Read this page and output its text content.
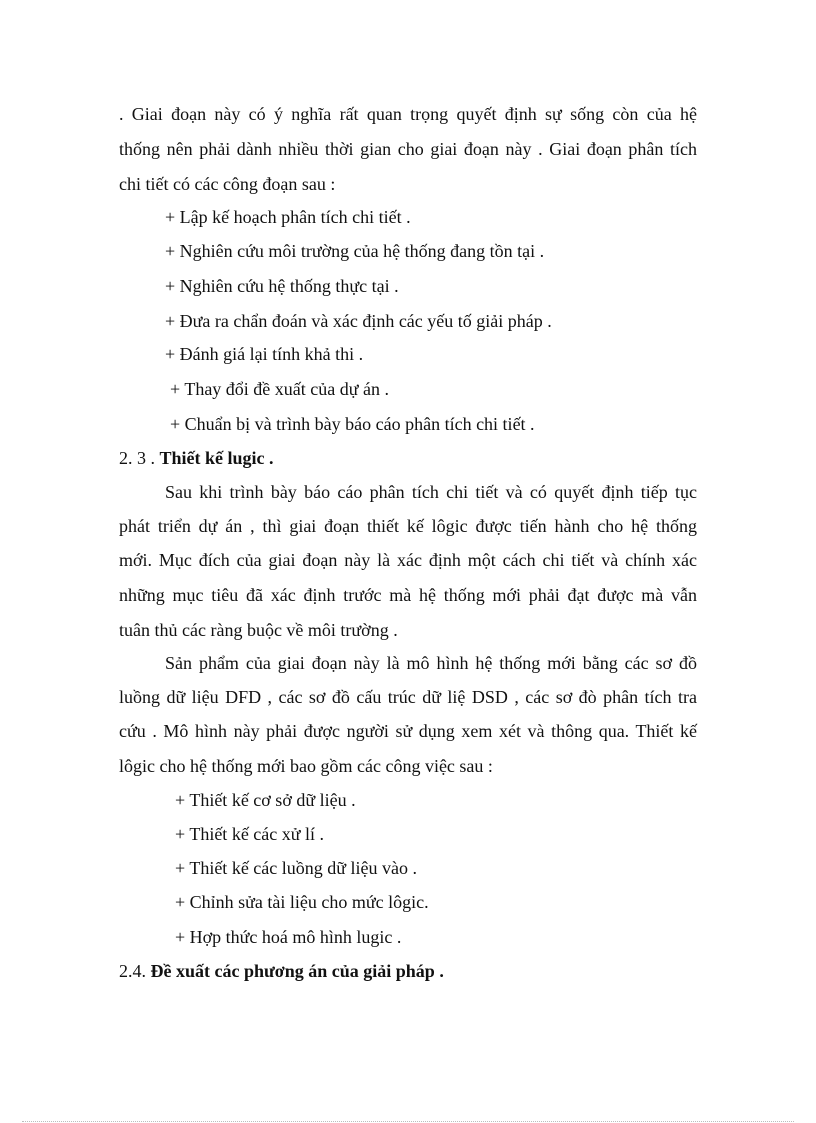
. Giai đoạn này có ý nghĩa rất quan trọng quyết định sự sống còn của hệ
thống nên phải dành nhiều thời gian cho giai đoạn này . Giai đoạn phân tích
chi tiết có các công đoạn sau :
+ Lập kế hoạch phân tích chi tiết .
+ Nghiên cứu môi trường của hệ thống đang tồn tại .
+ Nghiên cứu hệ thống thực tại .
+ Đưa ra chẩn đoán và xác định các yếu tố giải pháp .
+ Đánh giá lại tính khả thi .
+ Thay đổi đề xuất của dự án .
+ Chuẩn bị và trình bày báo cáo phân tích chi tiết .
2. 3 . Thiết kế lugic .
Sau khi trình bày báo cáo phân tích chi tiết và có quyết định tiếp tục
phát triển dự án , thì giai đoạn thiết kế lôgic được tiến hành cho hệ thống
mới. Mục đích của giai đoạn này là xác định một cách chi tiết và chính xác
những mục tiêu đã xác định trước mà hệ thống mới phải đạt được mà vẫn
tuân thủ các ràng buộc về môi trường .
Sản phẩm của giai đoạn này là mô hình hệ thống mới bằng các sơ đồ
luồng dữ liệu DFD , các sơ đồ cấu trúc dữ liệ DSD , các sơ đò phân tích tra
cứu . Mô hình này phải được người sử dụng xem xét và thông qua. Thiết kế
lôgic cho hệ thống mới bao gồm các công việc sau :
+ Thiết kế cơ sở dữ liệu .
+ Thiết kế các xử lí .
+ Thiết kế các luồng dữ liệu vào .
+ Chỉnh sửa tài liệu cho mức lôgic.
+ Hợp thức hoá mô hình lugic .
2.4. Đề xuất các phương án của giải pháp .
